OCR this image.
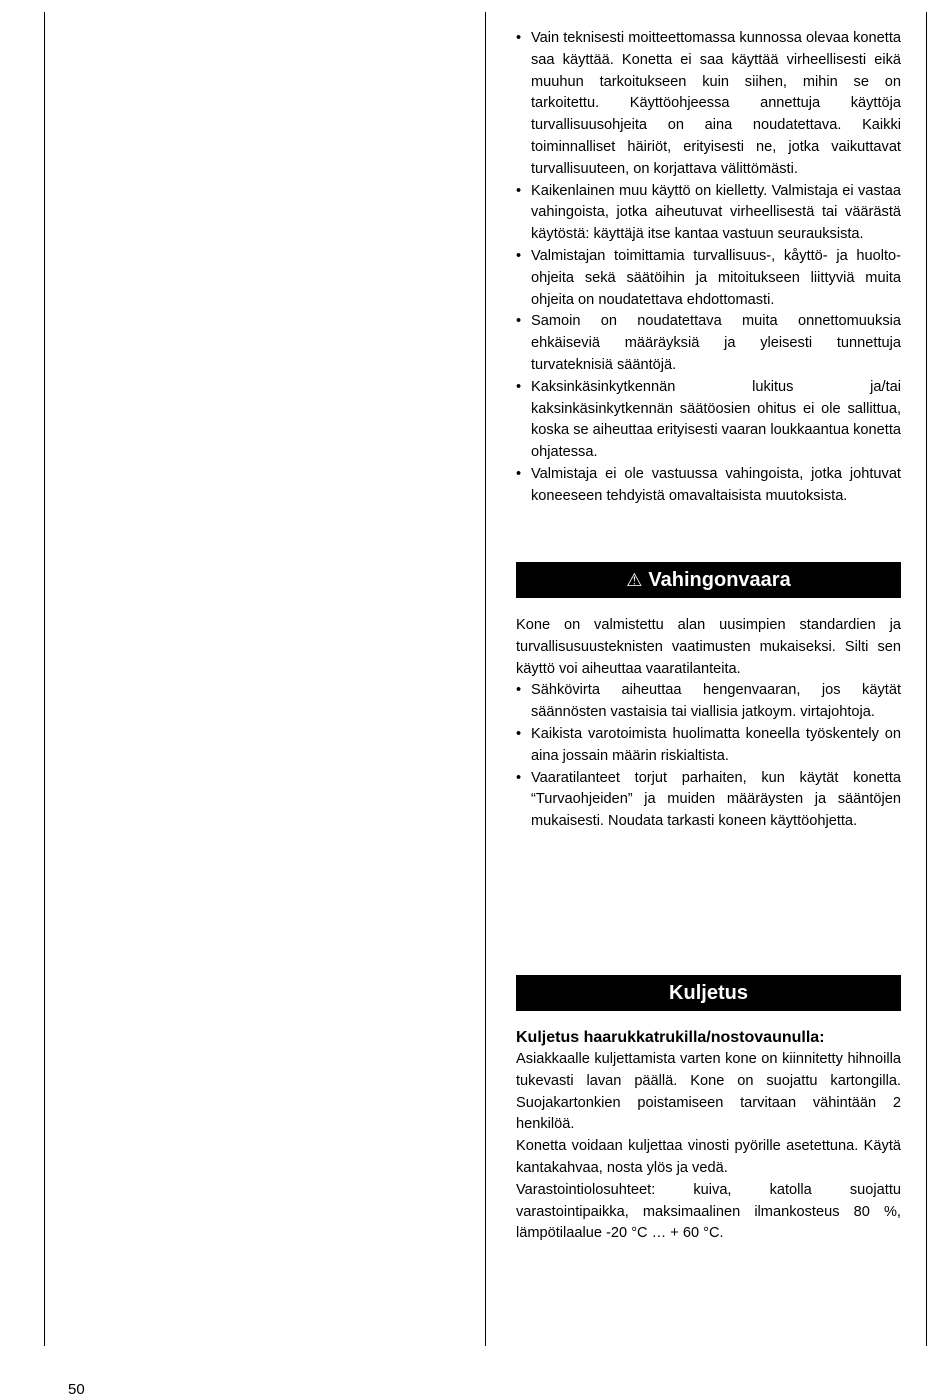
• Vain teknisesti moitteettomassa kunnossa olevaa konetta saa käyttää. Konetta ei saa käyttää virheellisesti eikä muuhun tarkoitukseen kuin siihen, mihin se on tarkoitettu. Käyttöohjeessa annettuja käyttöja turvallisuusohjeita on aina noudatettava. Kaikki toiminnalliset häiriöt, erityisesti ne, jotka vaikuttavat turvallisuuteen, on korjattava välittömästi.
• Kaikenlainen muu käyttö on kielletty. Valmistaja ei vastaa vahingoista, jotka aiheutuvat virheellisestä tai väärästä käytöstä: käyttäjä itse kantaa vastuun seurauksista.
• Valmistajan toimittamia turvallisuus-, kåyttö- ja huolto-ohjeita sekä säätöihin ja mitoitukseen liittyviä muita ohjeita on noudatettava ehdottomasti.
• Samoin on noudatettava muita onnettomuuksia ehkäiseviä määräyksiä ja yleisesti tunnettuja turvateknisiä sääntöjä.
• Kaksinkäsinkytkennän lukitus ja/tai kaksinkäsinkytkennän säätöosien ohitus ei ole sallittua, koska se aiheuttaa erityisesti vaaran loukkaantua konetta ohjatessa.
• Valmistaja ei ole vastuussa vahingoista, jotka johtuvat koneeseen tehdyistä omavaltaisista muutoksista.
⚠ Vahingonvaara

Kone on valmistettu alan uusimpien standardien ja turvallisusuusteknisten vaatimusten mukaiseksi. Silti sen käyttö voi aiheuttaa vaaratilanteita.

• Sähkövirta aiheuttaa hengenvaaran, jos käytät säännösten vastaisia tai viallisia jatkoym. virtajohtoja.
• Kaikista varotoimista huolimatta koneella työskentely on aina jossain määrin riskialtista.
• Vaaratilanteet torjut parhaiten, kun käytät konetta “Turvaohjeiden” ja muiden määräysten ja sääntöjen mukaisesti. Noudata tarkasti koneen käyttöohjetta.
Kuljetus

Kuljetus haarukkatrukilla/nostovaunulla:

Asiakkaalle kuljettamista varten kone on kiinnitetty hihnoilla tukevasti lavan päällä. Kone on suojattu kartongilla. Suojakartonkien poistamiseen tarvitaan vähintään 2 henkilöä.

Konetta voidaan kuljettaa vinosti pyörille asetettuna. Käytä kantakahvaa, nosta ylös ja vedä.

Varastointiolosuhteet: kuiva, katolla suojattu varastointipaikka, maksimaalinen ilmankosteus 80 %, lämpötilaalue -20 °C … + 60 °C.

50
